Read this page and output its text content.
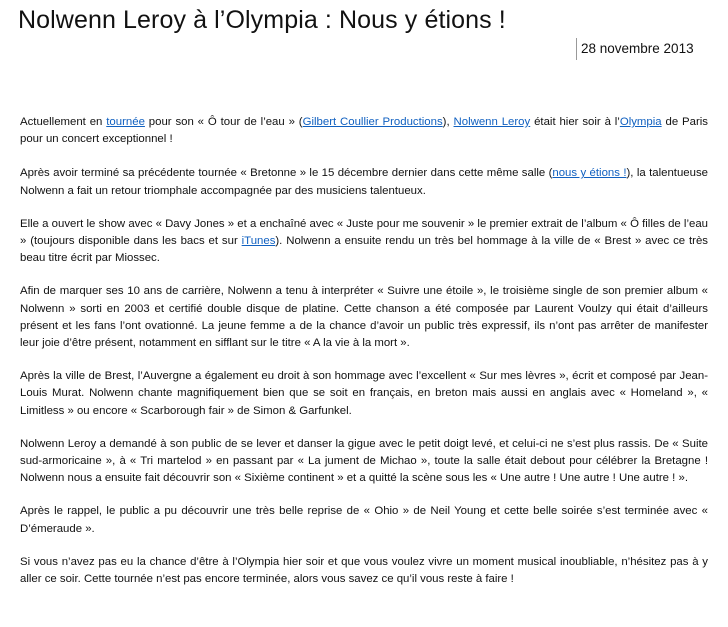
Nolwenn Leroy à l’Olympia : Nous y étions !
28 novembre 2013

Actuellement en tournée pour son « Ô tour de l’eau » (Gilbert Coullier Productions), Nolwenn Leroy était hier soir à l’Olympia de Paris pour un concert exceptionnel !

Après avoir terminé sa précédente tournée « Bretonne » le 15 décembre dernier dans cette même salle (nous y étions !), la talentueuse Nolwenn a fait un retour triomphale accompagnée par des musiciens talentueux.

Elle a ouvert le show avec « Davy Jones » et a enchaîné avec « Juste pour me souvenir » le premier extrait de l’album « Ô filles de l’eau » (toujours disponible dans les bacs et sur iTunes). Nolwenn a ensuite rendu un très bel hommage à la ville de « Brest » avec ce très beau titre écrit par Miossec.

Afin de marquer ses 10 ans de carrière, Nolwenn a tenu à interpréter « Suivre une étoile », le troisième single de son premier album « Nolwenn » sorti en 2003 et certifié double disque de platine. Cette chanson a été composée par Laurent Voulzy qui était d’ailleurs présent et les fans l’ont ovationné. La jeune femme a de la chance d’avoir un public très expressif, ils n’ont pas arrêter de manifester leur joie d’être présent, notamment en sifflant sur le titre « A la vie à la mort ».

Après la ville de Brest, l’Auvergne a également eu droit à son hommage avec l’excellent « Sur mes lèvres », écrit et composé par Jean-Louis Murat. Nolwenn chante magnifiquement bien que se soit en français, en breton mais aussi en anglais avec « Homeland », « Limitless » ou encore « Scarborough fair » de Simon & Garfunkel.

Nolwenn Leroy a demandé à son public de se lever et danser la gigue avec le petit doigt levé, et celui-ci ne s’est plus rassis. De « Suite sud-armoricaine », à « Tri martelod » en passant par « La jument de Michao », toute la salle était debout pour célébrer la Bretagne ! Nolwenn nous a ensuite fait découvrir son « Sixième continent » et a quitté la scène sous les « Une autre ! Une autre ! Une autre ! ».

Après le rappel, le public a pu découvrir une très belle reprise de « Ohio » de Neil Young et cette belle soirée s’est terminée avec « D’émeraude ».

Si vous n’avez pas eu la chance d’être à l’Olympia hier soir et que vous voulez vivre un moment musical inoubliable, n’hésitez pas à y aller ce soir. Cette tournée n’est pas encore terminée, alors vous savez ce qu’il vous reste à faire !
